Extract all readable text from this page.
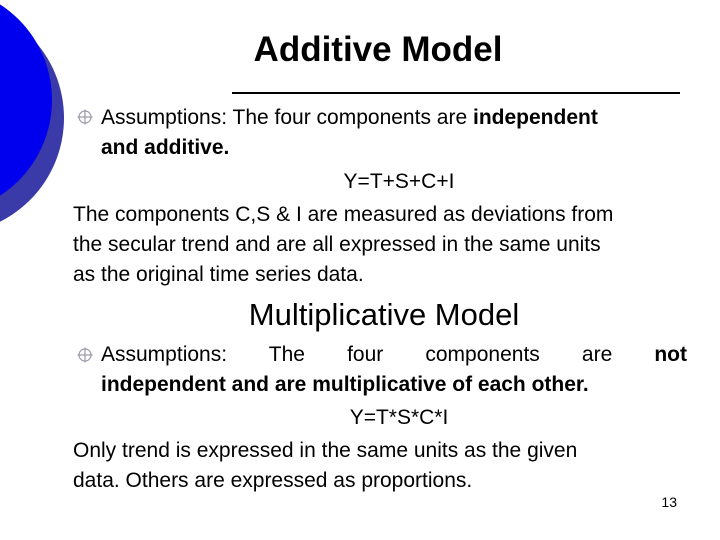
Additive Model
Assumptions: The four components are independent
and additive.
Y=T+S+C+I
The components C,S & I are measured as deviations from
the secular trend and are all expressed in the same units
as the original time series data.
Multiplicative Model
Assumptions: The four components are not
independent and are multiplicative of each other.
Y=T*S*C*I
Only trend is expressed in the same units as the given
data. Others are expressed as proportions.
13
